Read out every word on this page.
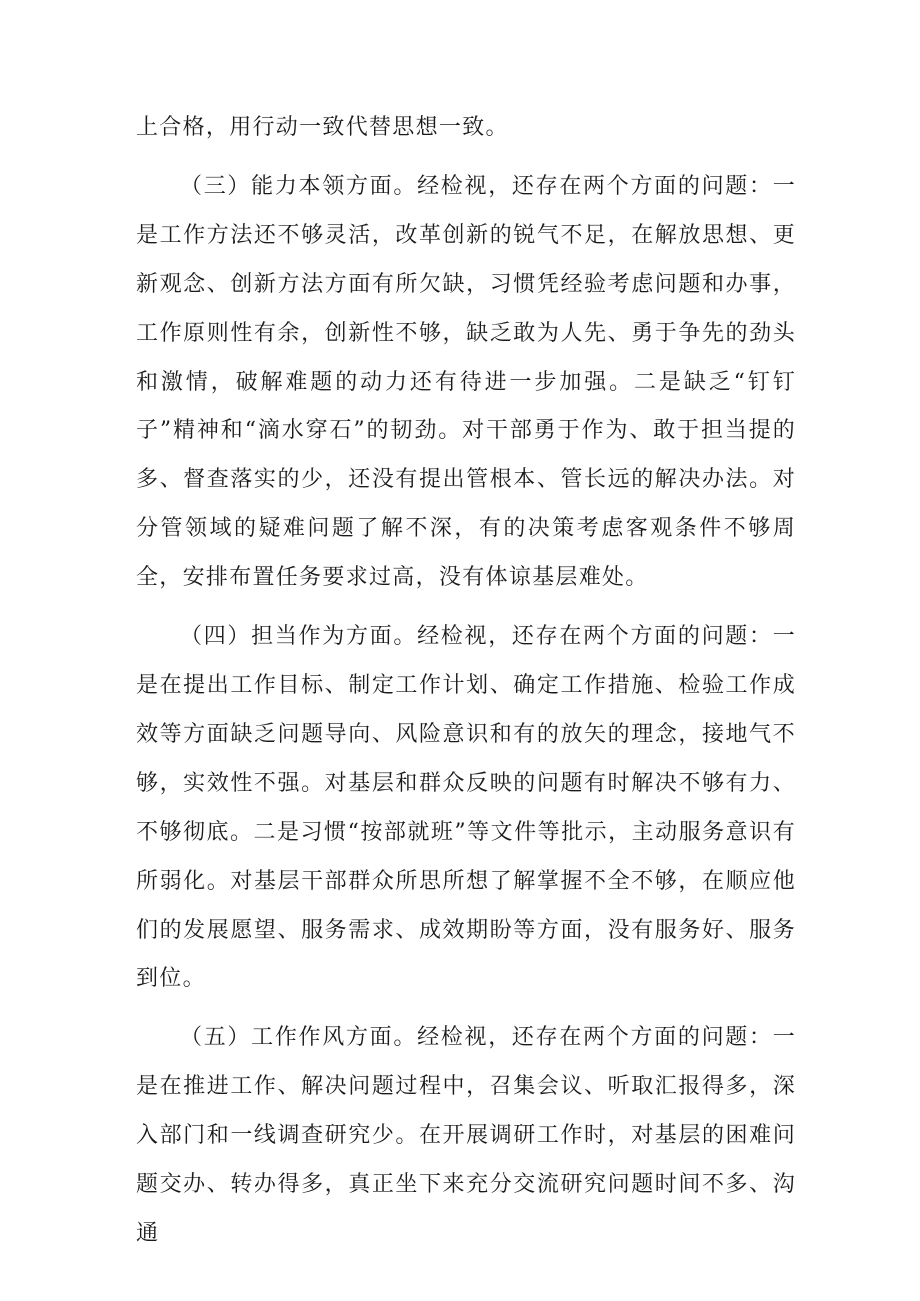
上合格，用行动一致代替思想一致。

（三）能力本领方面。经检视，还存在两个方面的问题：一是工作方法还不够灵活，改革创新的锐气不足，在解放思想、更新观念、创新方法方面有所欠缺，习惯凭经验考虑问题和办事，工作原则性有余，创新性不够，缺乏敢为人先、勇于争先的劲头和激情，破解难题的动力还有待进一步加强。二是缺乏“钉钉子”精神和“滴水穿石”的韧劲。对干部勇于作为、敢于担当提的多、督查落实的少，还没有提出管根本、管长远的解决办法。对分管领域的疑难问题了解不深，有的决策考虑客观条件不够周全，安排布置任务要求过高，没有体谅基层难处。

（四）担当作为方面。经检视，还存在两个方面的问题：一是在提出工作目标、制定工作计划、确定工作措施、检验工作成效等方面缺乏问题导向、风险意识和有的放矢的理念，接地气不够，实效性不强。对基层和群众反映的问题有时解决不够有力、不够彻底。二是习惯“按部就班”等文件等批示，主动服务意识有所弱化。对基层干部群众所思所想了解掌握不全不够，在顺应他们的发展愿望、服务需求、成效期盼等方面，没有服务好、服务到位。

（五）工作作风方面。经检视，还存在两个方面的问题：一是在推进工作、解决问题过程中，召集会议、听取汇报得多，深入部门和一线调查研究少。在开展调研工作时，对基层的困难问题交办、转办得多，真正坐下来充分交流研究问题时间不多、沟通
